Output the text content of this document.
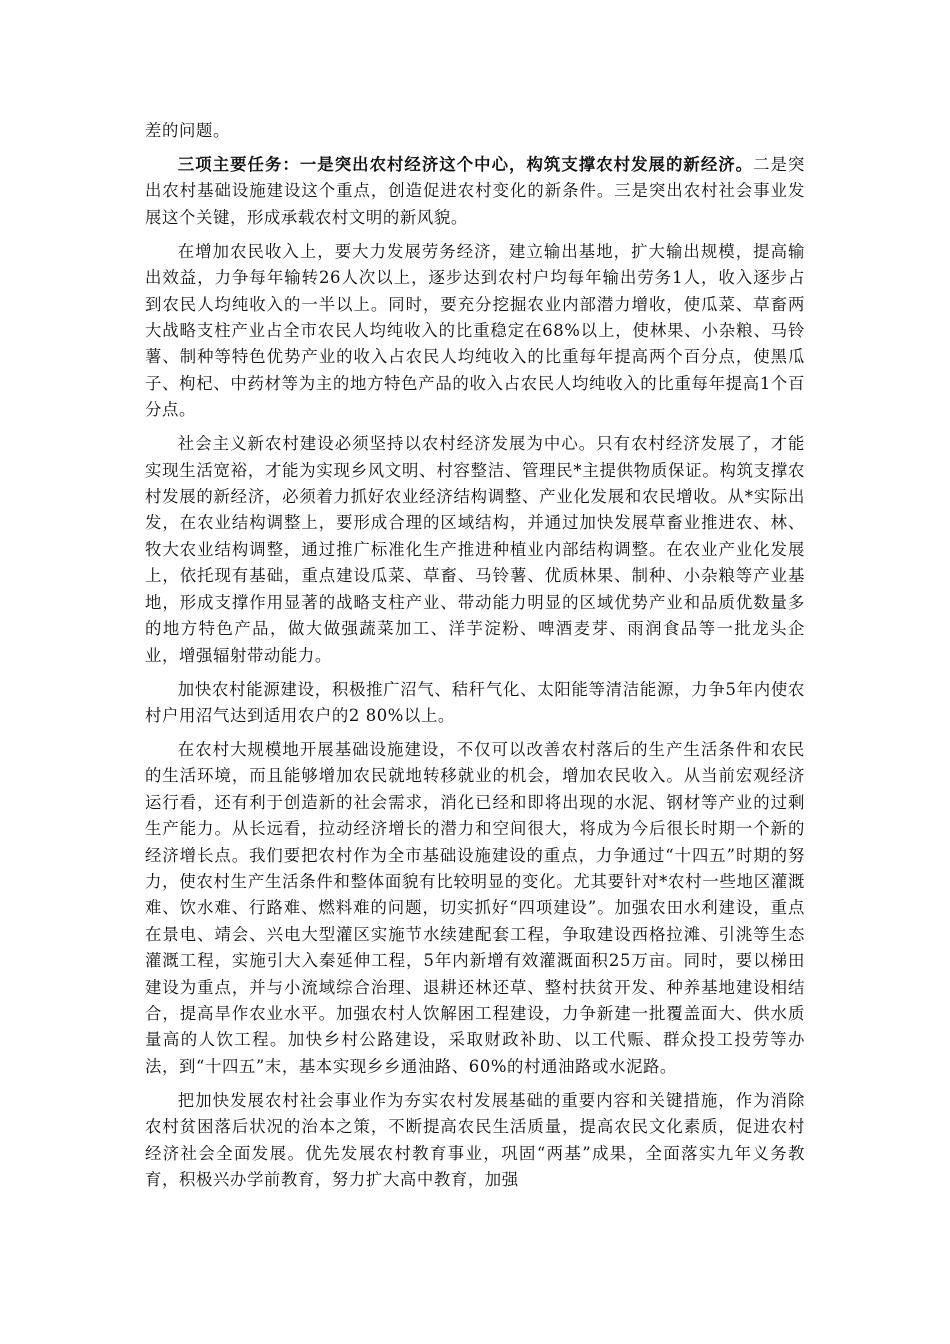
差的问题。

三项主要任务：一是突出农村经济这个中心，构筑支撑农村发展的新经济。二是突出农村基础设施建设这个重点，创造促进农村变化的新条件。三是突出农村社会事业发展这个关键，形成承载农村文明的新风貌。

在增加农民收入上，要大力发展劳务经济，建立输出基地，扩大输出规模，提高输出效益，力争每年输转26人次以上，逐步达到农村户均每年输出劳务1人，收入逐步占到农民人均纯收入的一半以上。同时，要充分挖掘农业内部潜力增收，使瓜菜、草畜两大战略支柱产业占全市农民人均纯收入的比重稳定在68%以上，使林果、小杂粮、马铃薯、制种等特色优势产业的收入占农民人均纯收入的比重每年提高两个百分点，使黑瓜子、枸杞、中药材等为主的地方特色产品的收入占农民人均纯收入的比重每年提高1个百分点。

社会主义新农村建设必须坚持以农村经济发展为中心。只有农村经济发展了，才能实现生活宽裕，才能为实现乡风文明、村容整洁、管理民*主提供物质保证。构筑支撑农村发展的新经济，必须着力抓好农业经济结构调整、产业化发展和农民增收。从*实际出发，在农业结构调整上，要形成合理的区域结构，并通过加快发展草畜业推进农、林、牧大农业结构调整，通过推广标准化生产推进种植业内部结构调整。在农业产业化发展上，依托现有基础，重点建设瓜菜、草畜、马铃薯、优质林果、制种、小杂粮等产业基地，形成支撑作用显著的战略支柱产业、带动能力明显的区域优势产业和品质优数量多的地方特色产品，做大做强蔬菜加工、洋芋淀粉、啤酒麦芽、雨润食品等一批龙头企业，增强辐射带动能力。

加快农村能源建设，积极推广沼气、秸秆气化、太阳能等清洁能源，力争5年内使农村户用沼气达到适用农户的2 80%以上。

在农村大规模地开展基础设施建设，不仅可以改善农村落后的生产生活条件和农民的生活环境，而且能够增加农民就地转移就业的机会，增加农民收入。从当前宏观经济运行看，还有利于创造新的社会需求，消化已经和即将出现的水泥、钢材等产业的过剩生产能力。从长远看，拉动经济增长的潜力和空间很大，将成为今后很长时期一个新的经济增长点。我们要把农村作为全市基础设施建设的重点，力争通过“十四五”时期的努力，使农村生产生活条件和整体面貌有比较明显的变化。尤其要针对*农村一些地区灌溉难、饮水难、行路难、燃料难的问题，切实抓好“四项建设”。加强农田水利建设，重点在景电、靖会、兴电大型灌区实施节水续建配套工程，争取建设西格拉滩、引洮等生态灌溉工程，实施引大入秦延伸工程，5年内新增有效灌溉面积25万亩。同时，要以梯田建设为重点，并与小流域综合治理、退耕还林还草、整村扶贫开发、种养基地建设相结合，提高旱作农业水平。加强农村人饮解困工程建设，力争新建一批覆盖面大、供水质量高的人饮工程。加快乡村公路建设，采取财政补助、以工代赈、群众投工投劳等办法，到“十四五”末，基本实现乡乡通油路、60%的村通油路或水泥路。

把加快发展农村社会事业作为夯实农村发展基础的重要内容和关键措施，作为消除农村贫困落后状况的治本之策，不断提高农民生活质量，提高农民文化素质，促进农村经济社会全面发展。优先发展农村教育事业，巩固“两基”成果，全面落实九年义务教育，积极兴办学前教育，努力扩大高中教育，加强
